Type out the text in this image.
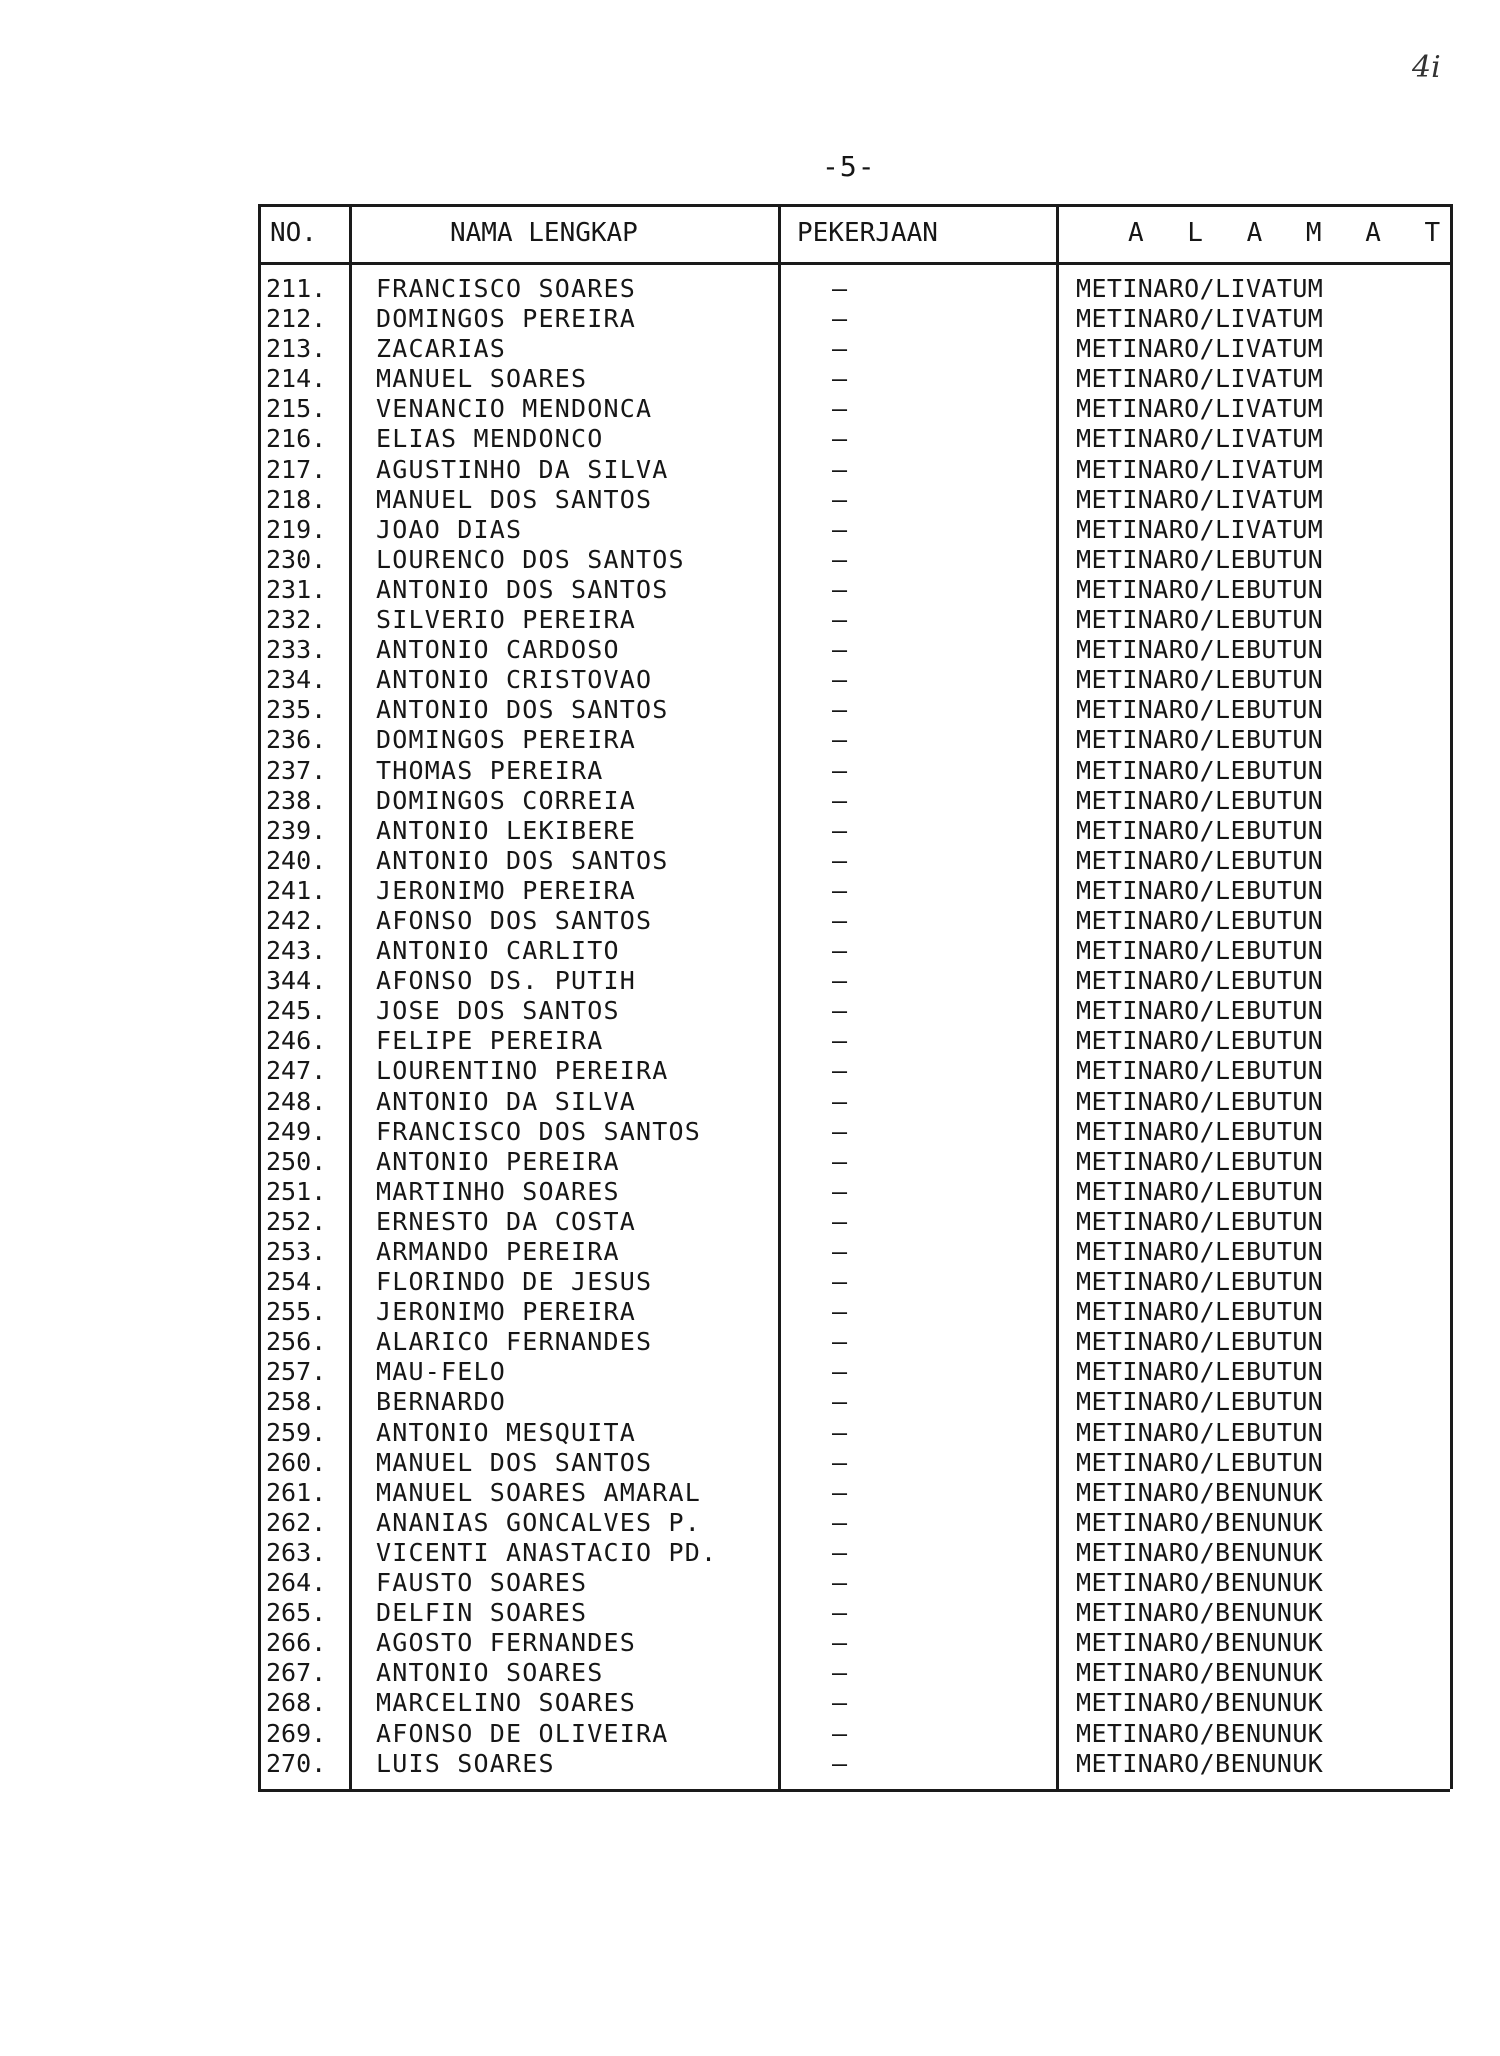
4i
-5-
NO.	NAMA LENGKAP	PEKERJAAN	A L A M A T
211. FRANCISCO SOARES	–	METINARO/LIVATUM
212. DOMINGOS PEREIRA	–	METINARO/LIVATUM
213. ZACARIAS	–	METINARO/LIVATUM
214. MANUEL SOARES	–	METINARO/LIVATUM
215. VENANCIO MENDONCA	–	METINARO/LIVATUM
216. ELIAS MENDONCO	–	METINARO/LIVATUM
217. AGUSTINHO DA SILVA	–	METINARO/LIVATUM
218. MANUEL DOS SANTOS	–	METINARO/LIVATUM
219. JOAO DIAS	–	METINARO/LIVATUM
230. LOURENCO DOS SANTOS	–	METINARO/LEBUTUN
231. ANTONIO DOS SANTOS	–	METINARO/LEBUTUN
232. SILVERIO PEREIRA	–	METINARO/LEBUTUN
233. ANTONIO CARDOSO	–	METINARO/LEBUTUN
234. ANTONIO CRISTOVAO	–	METINARO/LEBUTUN
235. ANTONIO DOS SANTOS	–	METINARO/LEBUTUN
236. DOMINGOS PEREIRA	–	METINARO/LEBUTUN
237. THOMAS PEREIRA	–	METINARO/LEBUTUN
238. DOMINGOS CORREIA	–	METINARO/LEBUTUN
239. ANTONIO LEKIBERE	–	METINARO/LEBUTUN
240. ANTONIO DOS SANTOS	–	METINARO/LEBUTUN
241. JERONIMO PEREIRA	–	METINARO/LEBUTUN
242. AFONSO DOS SANTOS	–	METINARO/LEBUTUN
243. ANTONIO CARLITO	–	METINARO/LEBUTUN
344. AFONSO DS. PUTIH	–	METINARO/LEBUTUN
245. JOSE DOS SANTOS	–	METINARO/LEBUTUN
246. FELIPE PEREIRA	–	METINARO/LEBUTUN
247. LOURENTINO PEREIRA	–	METINARO/LEBUTUN
248. ANTONIO DA SILVA	–	METINARO/LEBUTUN
249. FRANCISCO DOS SANTOS	–	METINARO/LEBUTUN
250. ANTONIO PEREIRA	–	METINARO/LEBUTUN
251. MARTINHO SOARES	–	METINARO/LEBUTUN
252. ERNESTO DA COSTA	–	METINARO/LEBUTUN
253. ARMANDO PEREIRA	–	METINARO/LEBUTUN
254. FLORINDO DE JESUS	–	METINARO/LEBUTUN
255. JERONIMO PEREIRA	–	METINARO/LEBUTUN
256. ALARICO FERNANDES	–	METINARO/LEBUTUN
257. MAU-FELO	–	METINARO/LEBUTUN
258. BERNARDO	–	METINARO/LEBUTUN
259. ANTONIO MESQUITA	–	METINARO/LEBUTUN
260. MANUEL DOS SANTOS	–	METINARO/LEBUTUN
261. MANUEL SOARES AMARAL	–	METINARO/BENUNUK
262. ANANIAS GONCALVES P.	–	METINARO/BENUNUK
263. VICENTI ANASTACIO PD.	–	METINARO/BENUNUK
264. FAUSTO SOARES	–	METINARO/BENUNUK
265. DELFIN SOARES	–	METINARO/BENUNUK
266. AGOSTO FERNANDES	–	METINARO/BENUNUK
267. ANTONIO SOARES	–	METINARO/BENUNUK
268. MARCELINO SOARES	–	METINARO/BENUNUK
269. AFONSO DE OLIVEIRA	–	METINARO/BENUNUK
270. LUIS SOARES	–	METINARO/BENUNUK
